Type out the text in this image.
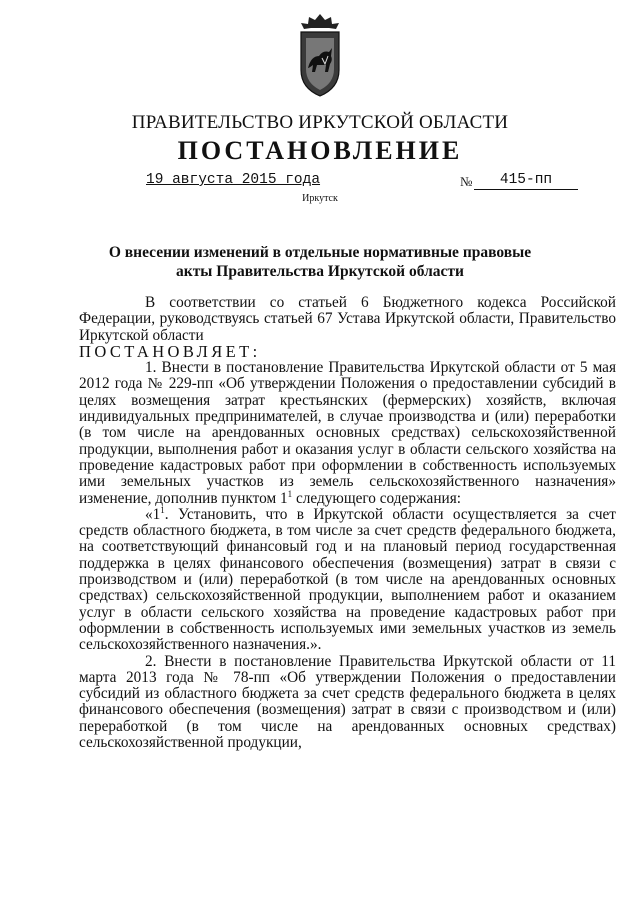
ПРАВИТЕЛЬСТВО ИРКУТСКОЙ ОБЛАСТИ
ПОСТАНОВЛЕНИЕ
19 августа 2015 года	№	415-пп
Иркутск
О внесении изменений в отдельные нормативные правовые акты Правительства Иркутской области

В соответствии со статьей 6 Бюджетного кодекса Российской Федерации, руководствуясь статьей 67 Устава Иркутской области, Правительство Иркутской области

ПОСТАНОВЛЯЕТ:

1. Внести в постановление Правительства Иркутской области от 5 мая 2012 года № 229-пп «Об утверждении Положения о предоставлении субсидий в целях возмещения затрат крестьянских (фермерских) хозяйств, включая индивидуальных предпринимателей, в случае производства и (или) переработки (в том числе на арендованных основных средствах) сельскохозяйственной продукции, выполнения работ и оказания услуг в области сельского хозяйства на проведение кадастровых работ при оформлении в собственность используемых ими земельных участков из земель сельскохозяйственного назначения» изменение, дополнив пунктом $1^1$ следующего содержания:

«$1^1$. Установить, что в Иркутской области осуществляется за счет средств областного бюджета, в том числе за счет средств федерального бюджета, на соответствующий финансовый год и на плановый период государственная поддержка в целях финансового обеспечения (возмещения) затрат в связи с производством и (или) переработкой (в том числе на арендованных основных средствах) сельскохозяйственной продукции, выполнением работ и оказанием услуг в области сельского хозяйства на проведение кадастровых работ при оформлении в собственность используемых ими земельных участков из земель сельскохозяйственного назначения.».

2. Внести в постановление Правительства Иркутской области от 11 марта 2013 года № 78-пп «Об утверждении Положения о предоставлении субсидий из областного бюджета за счет средств федерального бюджета в целях финансового обеспечения (возмещения) затрат в связи с производством и (или) переработкой (в том числе на арендованных основных средствах) сельскохозяйственной продукции,
